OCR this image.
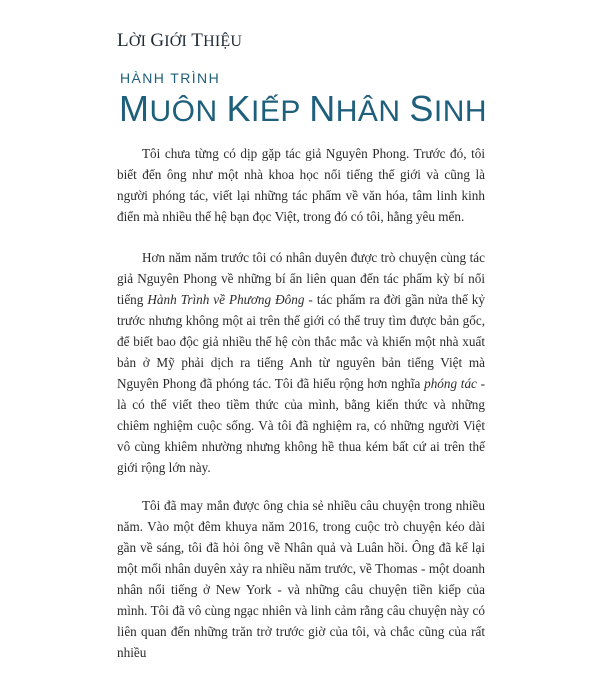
LỜI GIỚI THIỆU
HÀNH TRÌNH
MUÔN KIẾP NHÂN SINH

Tôi chưa từng có dịp gặp tác giả Nguyên Phong. Trước đó, tôi biết đến ông như một nhà khoa học nổi tiếng thế giới và cũng là người phóng tác, viết lại những tác phẩm về văn hóa, tâm linh kinh điển mà nhiều thế hệ bạn đọc Việt, trong đó có tôi, hằng yêu mến.

Hơn năm năm trước tôi có nhân duyên được trò chuyện cùng tác giả Nguyên Phong về những bí ẩn liên quan đến tác phẩm kỳ bí nổi tiếng Hành Trình về Phương Đông - tác phẩm ra đời gần nửa thế kỷ trước nhưng không một ai trên thế giới có thể truy tìm được bản gốc, để biết bao độc giả nhiều thế hệ còn thắc mắc và khiến một nhà xuất bản ở Mỹ phải dịch ra tiếng Anh từ nguyên bản tiếng Việt mà Nguyên Phong đã phóng tác. Tôi đã hiểu rộng hơn nghĩa phóng tác - là có thể viết theo tiềm thức của mình, bằng kiến thức và những chiêm nghiệm cuộc sống. Và tôi đã nghiệm ra, có những người Việt vô cùng khiêm nhường nhưng không hề thua kém bất cứ ai trên thế giới rộng lớn này.

Tôi đã may mắn được ông chia sẻ nhiều câu chuyện trong nhiều năm. Vào một đêm khuya năm 2016, trong cuộc trò chuyện kéo dài gần về sáng, tôi đã hỏi ông về Nhân quả và Luân hồi. Ông đã kể lại một mối nhân duyên xảy ra nhiều năm trước, về Thomas - một doanh nhân nổi tiếng ở New York - và những câu chuyện tiền kiếp của mình. Tôi đã vô cùng ngạc nhiên và linh cảm rằng câu chuyện này có liên quan đến những trăn trở trước giờ của tôi, và chắc cũng của rất nhiều
